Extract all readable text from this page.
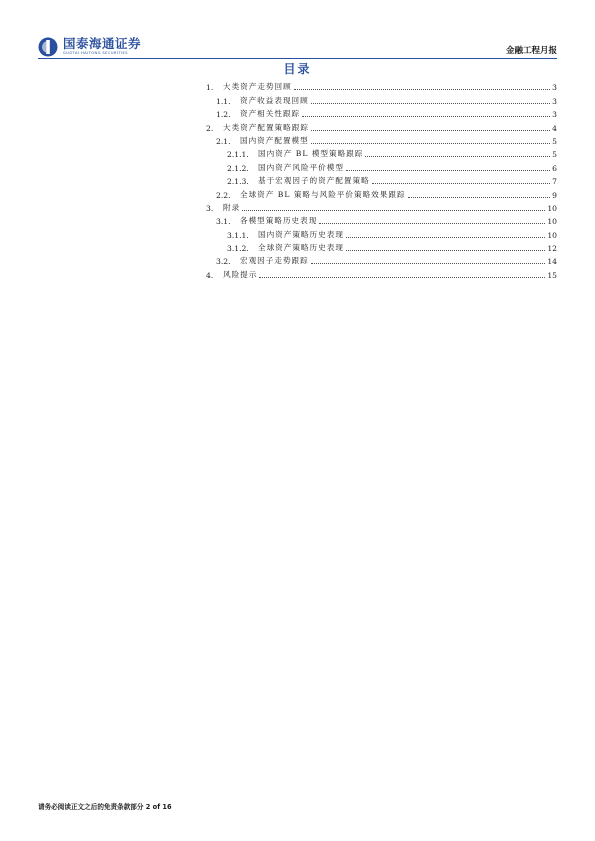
国泰海通证券
GUOTAI HAITONG SECURITIES	金融工程月报
目录
1.	大类资产走势回顾	3
1.1.	资产收益表现回顾	3
1.2.	资产相关性跟踪	3
2.	大类资产配置策略跟踪	4
2.1.	国内资产配置模型	5
2.1.1.	国内资产 BL 模型策略跟踪	5
2.1.2.	国内资产风险平价模型	6
2.1.3.	基于宏观因子的资产配置策略	7
2.2.	全球资产 BL 策略与风险平价策略效果跟踪	9
3.	附录	10
3.1.	各模型策略历史表现	10
3.1.1.	国内资产策略历史表现	10
3.1.2.	全球资产策略历史表现	12
3.2.	宏观因子走势跟踪	14
4.	风险提示	15
请务必阅读正文之后的免责条款部分 2 of 16
